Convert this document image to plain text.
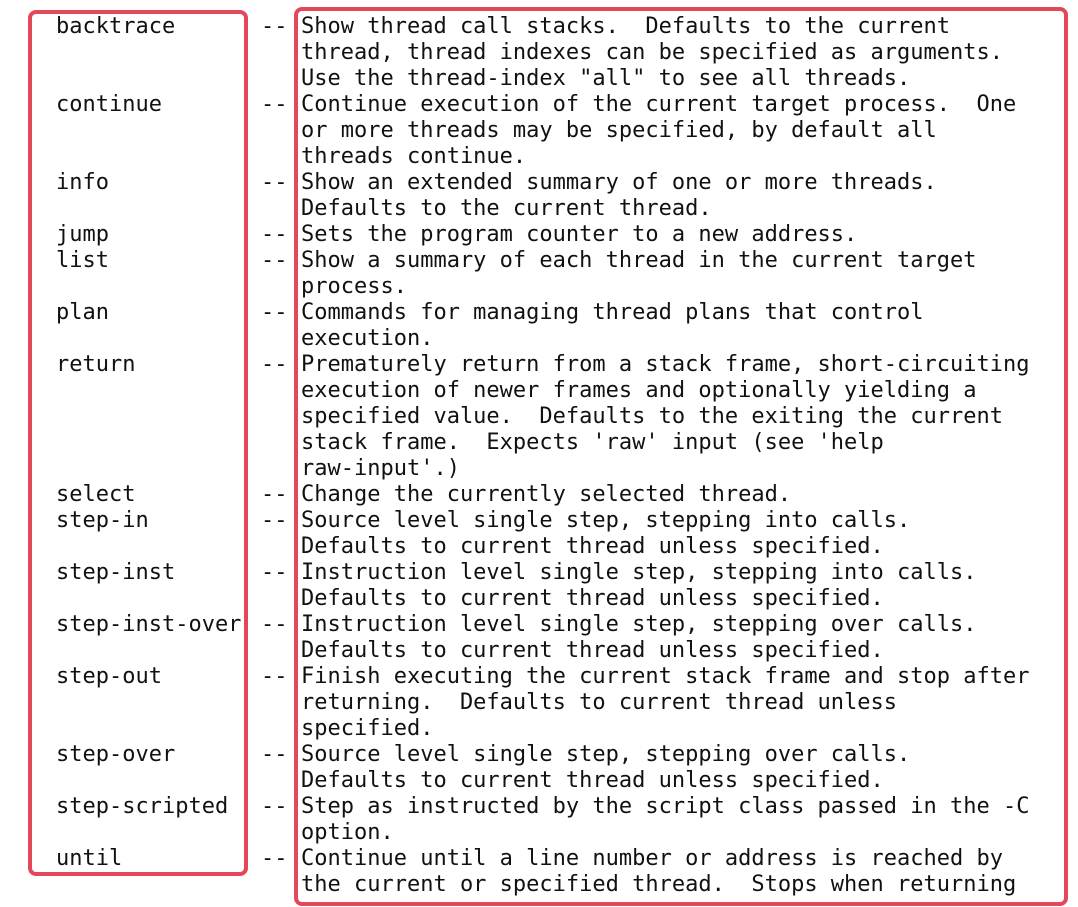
backtrace	-- Show thread call stacks.  Defaults to the current
thread, thread indexes can be specified as arguments.
Use the thread-index "all" to see all threads.
continue	-- Continue execution of the current target process.  One
or more threads may be specified, by default all
threads continue.
info	-- Show an extended summary of one or more threads.
Defaults to the current thread.
jump	-- Sets the program counter to a new address.
list	-- Show a summary of each thread in the current target
process.
plan	-- Commands for managing thread plans that control
execution.
return	-- Prematurely return from a stack frame, short-circuiting
execution of newer frames and optionally yielding a
specified value.  Defaults to the exiting the current
stack frame.  Expects 'raw' input (see 'help
raw-input'.)
select	-- Change the currently selected thread.
step-in	-- Source level single step, stepping into calls.
Defaults to current thread unless specified.
step-inst	-- Instruction level single step, stepping into calls.
Defaults to current thread unless specified.
step-inst-over -- Instruction level single step, stepping over calls.
Defaults to current thread unless specified.
step-out	-- Finish executing the current stack frame and stop after
returning.  Defaults to current thread unless
specified.
step-over	-- Source level single step, stepping over calls.
Defaults to current thread unless specified.
step-scripted -- Step as instructed by the script class passed in the -C
option.
until	-- Continue until a line number or address is reached by
the current or specified thread.  Stops when returning
